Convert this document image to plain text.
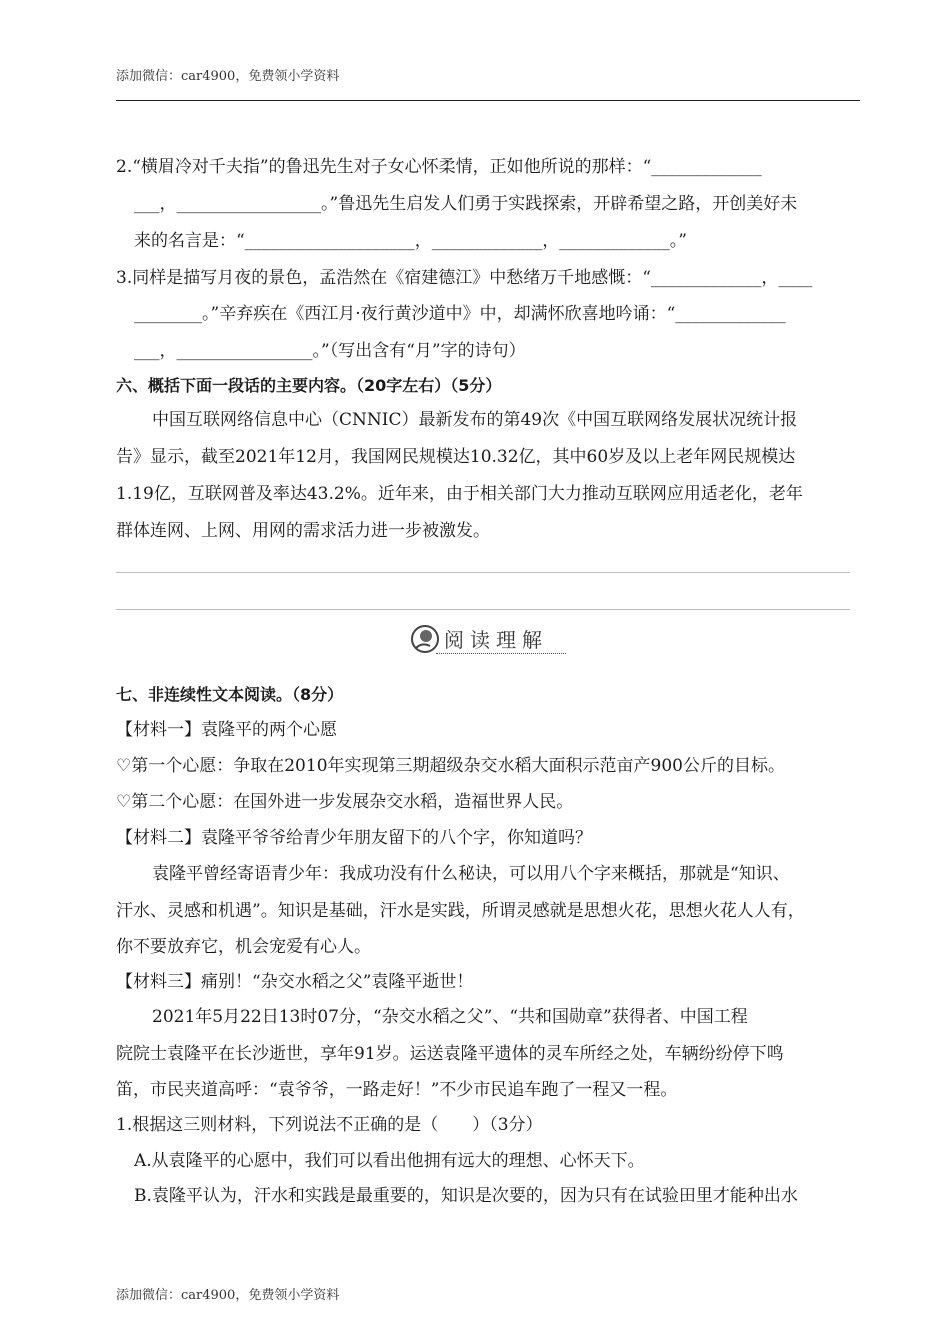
添加微信：car4900，免费领小学资料
2.“横眉冷对千夫指”的鲁迅先生对子女心怀柔情，正如他所说的那样：“_____________
___，_________________。”鲁迅先生启发人们勇于实践探索，开辟希望之路，开创美好未
来的名言是：“____________________，_____________，_____________。”
3.同样是描写月夜的景色，孟浩然在《宿建德江》中愁绪万千地感慨：“_____________，____
________。”辛弃疾在《西江月·夜行黄沙道中》中，却满怀欣喜地吟诵：“_____________
___，________________。”（写出含有“月”字的诗句）
六、概括下面一段话的主要内容。（20字左右）（5分）
中国互联网络信息中心（CNNIC）最新发布的第49次《中国互联网络发展状况统计报
告》显示，截至2021年12月，我国网民规模达10.32亿，其中60岁及以上老年网民规模达
1.19亿，互联网普及率达43.2%。近年来，由于相关部门大力推动互联网应用适老化，老年
群体连网、上网、用网的需求活力进一步被激发。
阅读理解
七、非连续性文本阅读。（8分）
【材料一】袁隆平的两个心愿
♡第一个心愿：争取在2010年实现第三期超级杂交水稻大面积示范亩产900公斤的目标。
♡第二个心愿：在国外进一步发展杂交水稻，造福世界人民。
【材料二】袁隆平爷爷给青少年朋友留下的八个字，你知道吗？
袁隆平曾经寄语青少年：我成功没有什么秘诀，可以用八个字来概括，那就是“知识、
汗水、灵感和机遇”。知识是基础，汗水是实践，所谓灵感就是思想火花，思想火花人人有，
你不要放弃它，机会宠爱有心人。
【材料三】痛别！“杂交水稻之父”袁隆平逝世！
2021年5月22日13时07分，“杂交水稻之父”、“共和国勋章”获得者、中国工程
院院士袁隆平在长沙逝世，享年91岁。运送袁隆平遗体的灵车所经之处，车辆纷纷停下鸣
笛，市民夹道高呼：“袁爷爷，一路走好！”不少市民追车跑了一程又一程。
1.根据这三则材料，下列说法不正确的是（　　）（3分）
A.从袁隆平的心愿中，我们可以看出他拥有远大的理想、心怀天下。
B.袁隆平认为，汗水和实践是最重要的，知识是次要的，因为只有在试验田里才能种出水
添加微信：car4900，免费领小学资料
